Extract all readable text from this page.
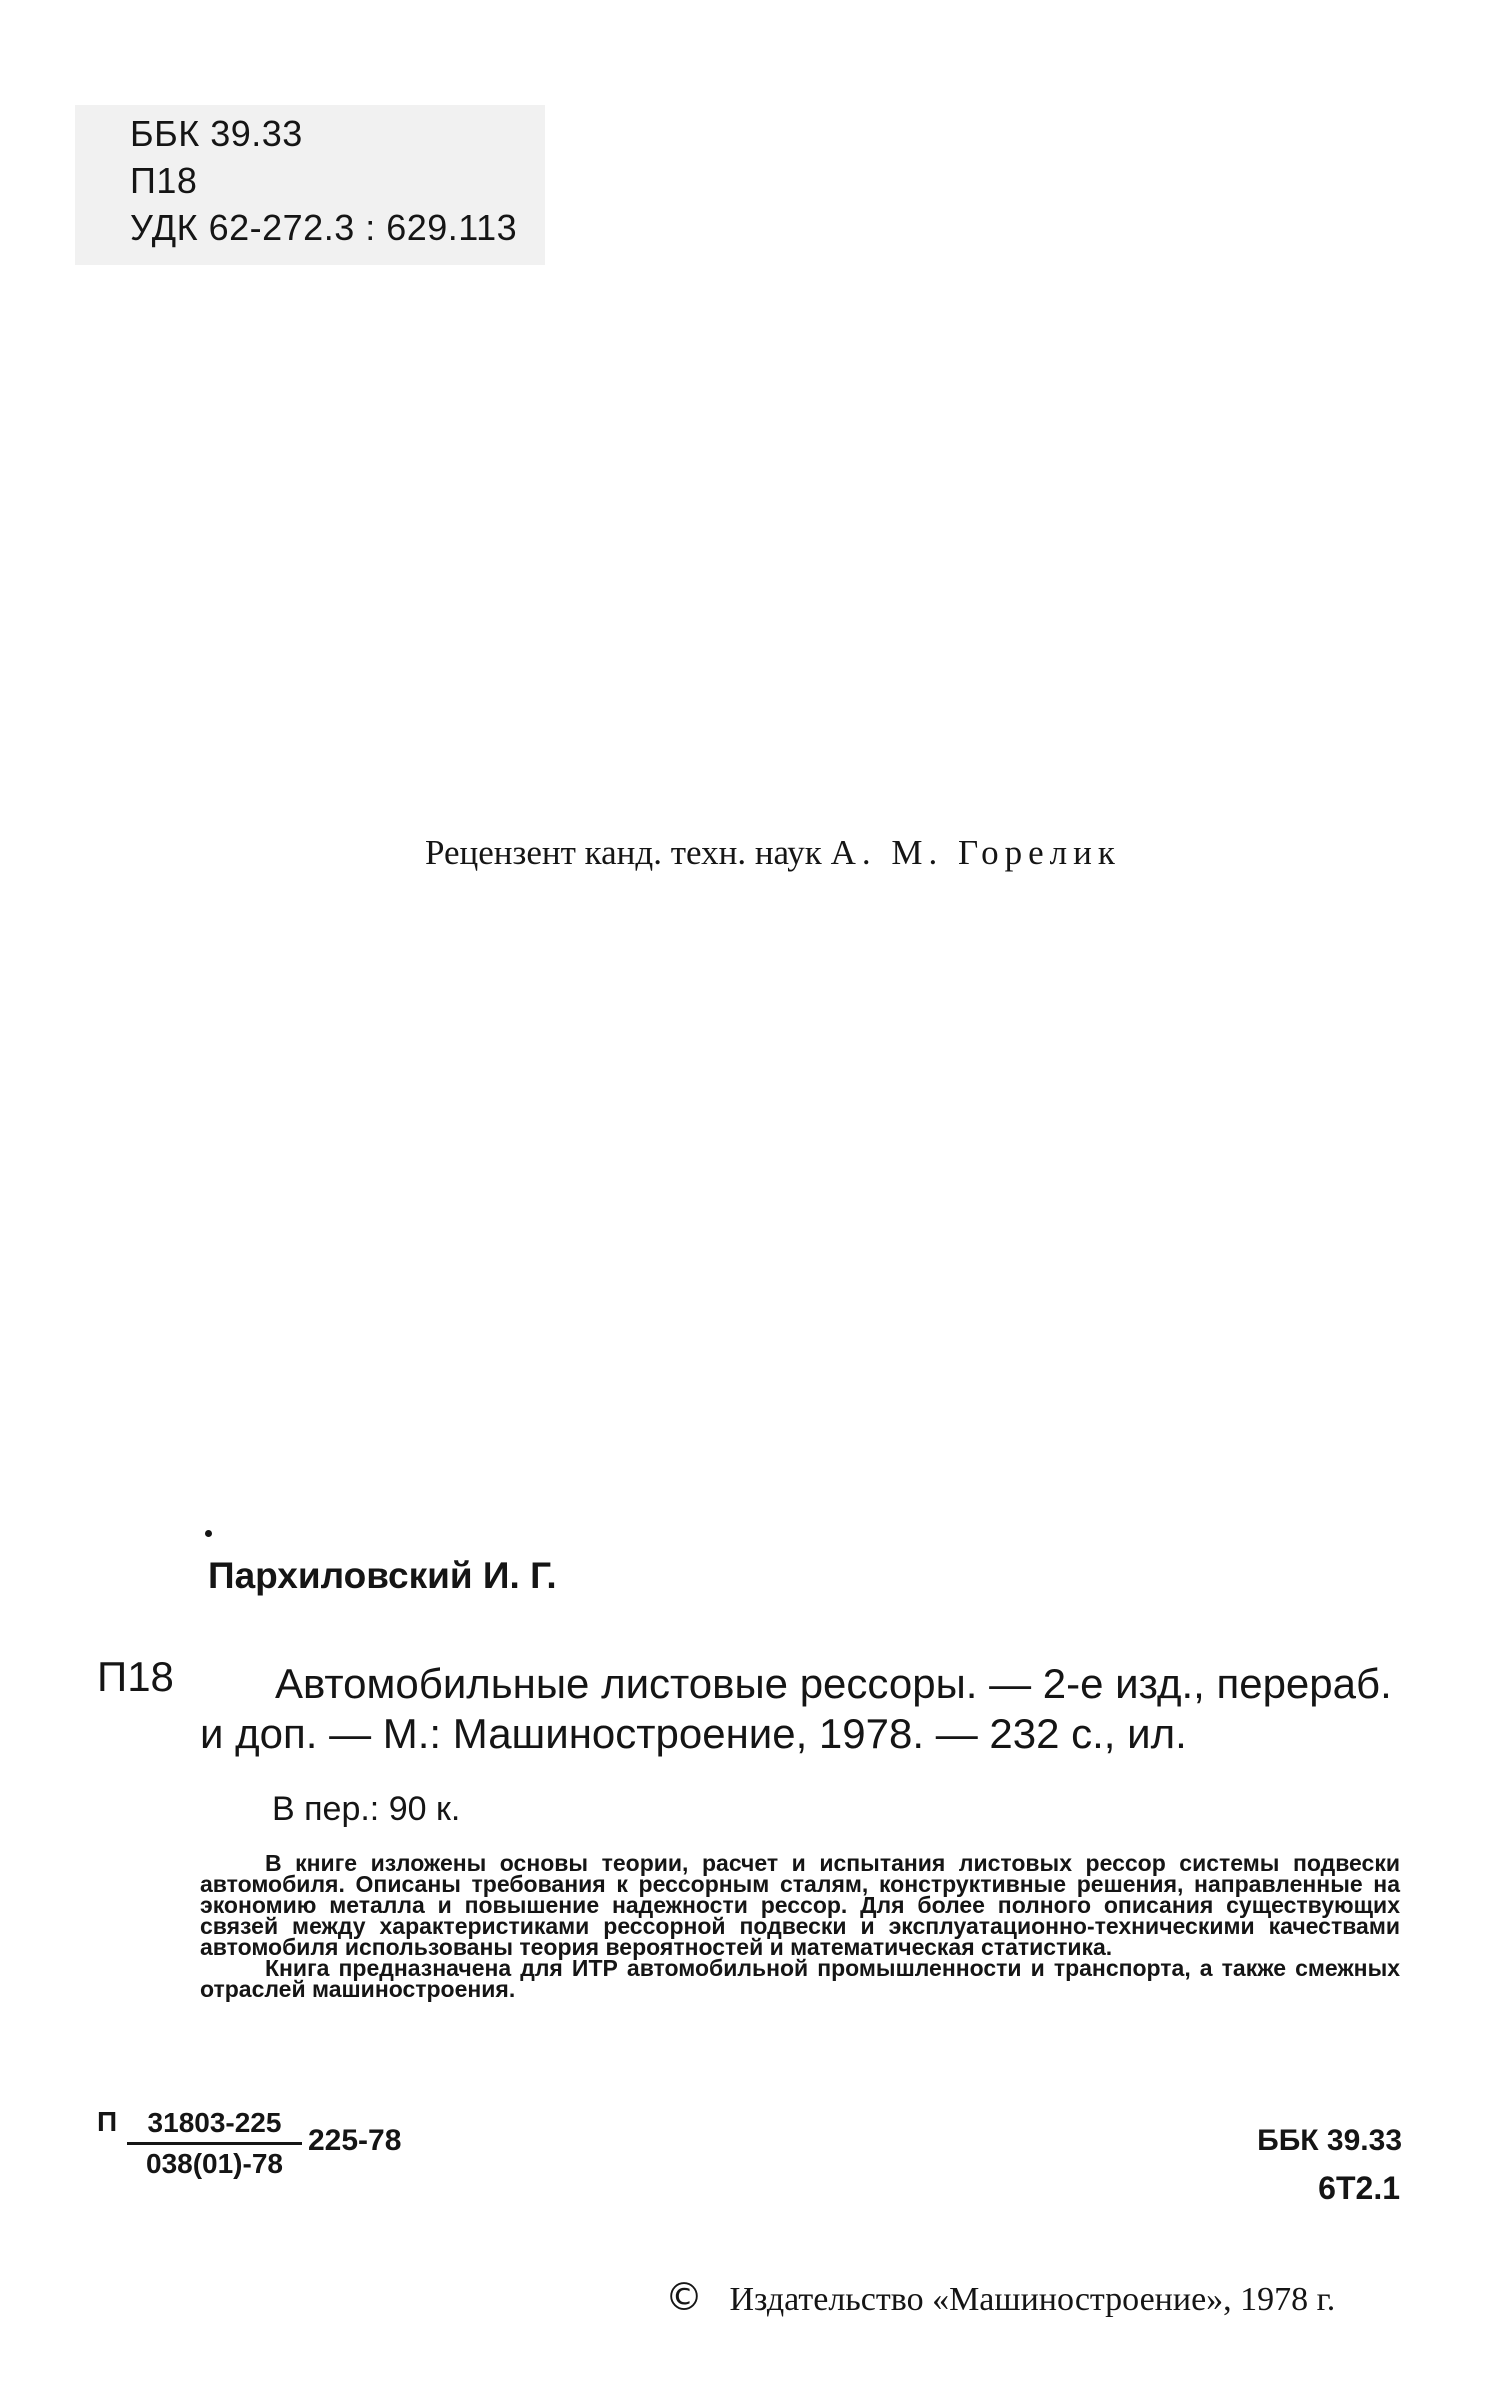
ББК 39.33
П18
УДК 62-272.3 : 629.113
Рецензент канд. техн. наук А. М. Горелик
Пархиловский И. Г.
П18 Автомобильные листовые рессоры. — 2-е изд., перераб.
и доп. — М.: Машиностроение, 1978. — 232 с., ил.
В пер.: 90 к.

В книге изложены основы теории, расчет и испытания листовых рессор системы подвески автомобиля. Описаны требования к рессорным сталям, конструктивные решения, направленные на экономию металла и повышение надежности рессор. Для более полного описания существующих связей между характеристиками рессорной подвески и эксплуатационно-техническими качествами автомобиля использованы теория вероятностей и математическая статистика.

Книга предназначена для ИТР автомобильной промышленности и транспорта, а также смежных отраслей машиностроения.

П	31803-225
038(01)-78
225-78	ББК 39.33
6Т2.1
© Издательство «Машиностроение», 1978 г.
